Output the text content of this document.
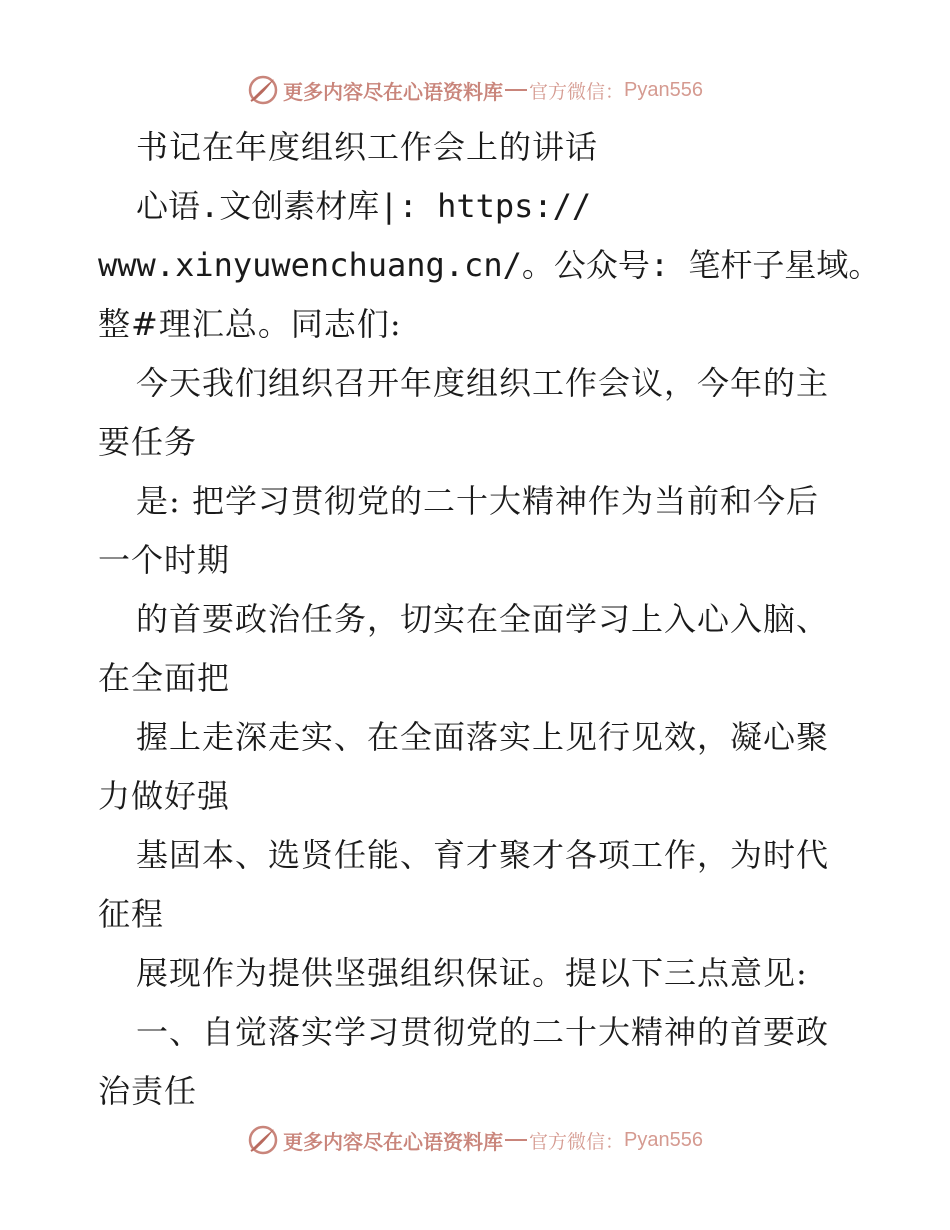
更多内容尽在心语资料库 官方微信： Pyan556
书记在年度组织工作会上的讲话
心语.文创素材库|: https://
www.xinyuwenchuang.cn/。公众号: 笔杆子星域。
整#理汇总。同志们:
今天我们组织召开年度组织工作会议，今年的主
要任务
是: 把学习贯彻党的二十大精神作为当前和今后
一个时期
的首要政治任务，切实在全面学习上入心入脑、
在全面把
握上走深走实、在全面落实上见行见效，凝心聚
力做好强
基固本、选贤任能、育才聚才各项工作，为时代
征程
展现作为提供坚强组织保证。提以下三点意见:
一、自觉落实学习贯彻党的二十大精神的首要政
治责任
更多内容尽在心语资料库 官方微信： Pyan556
